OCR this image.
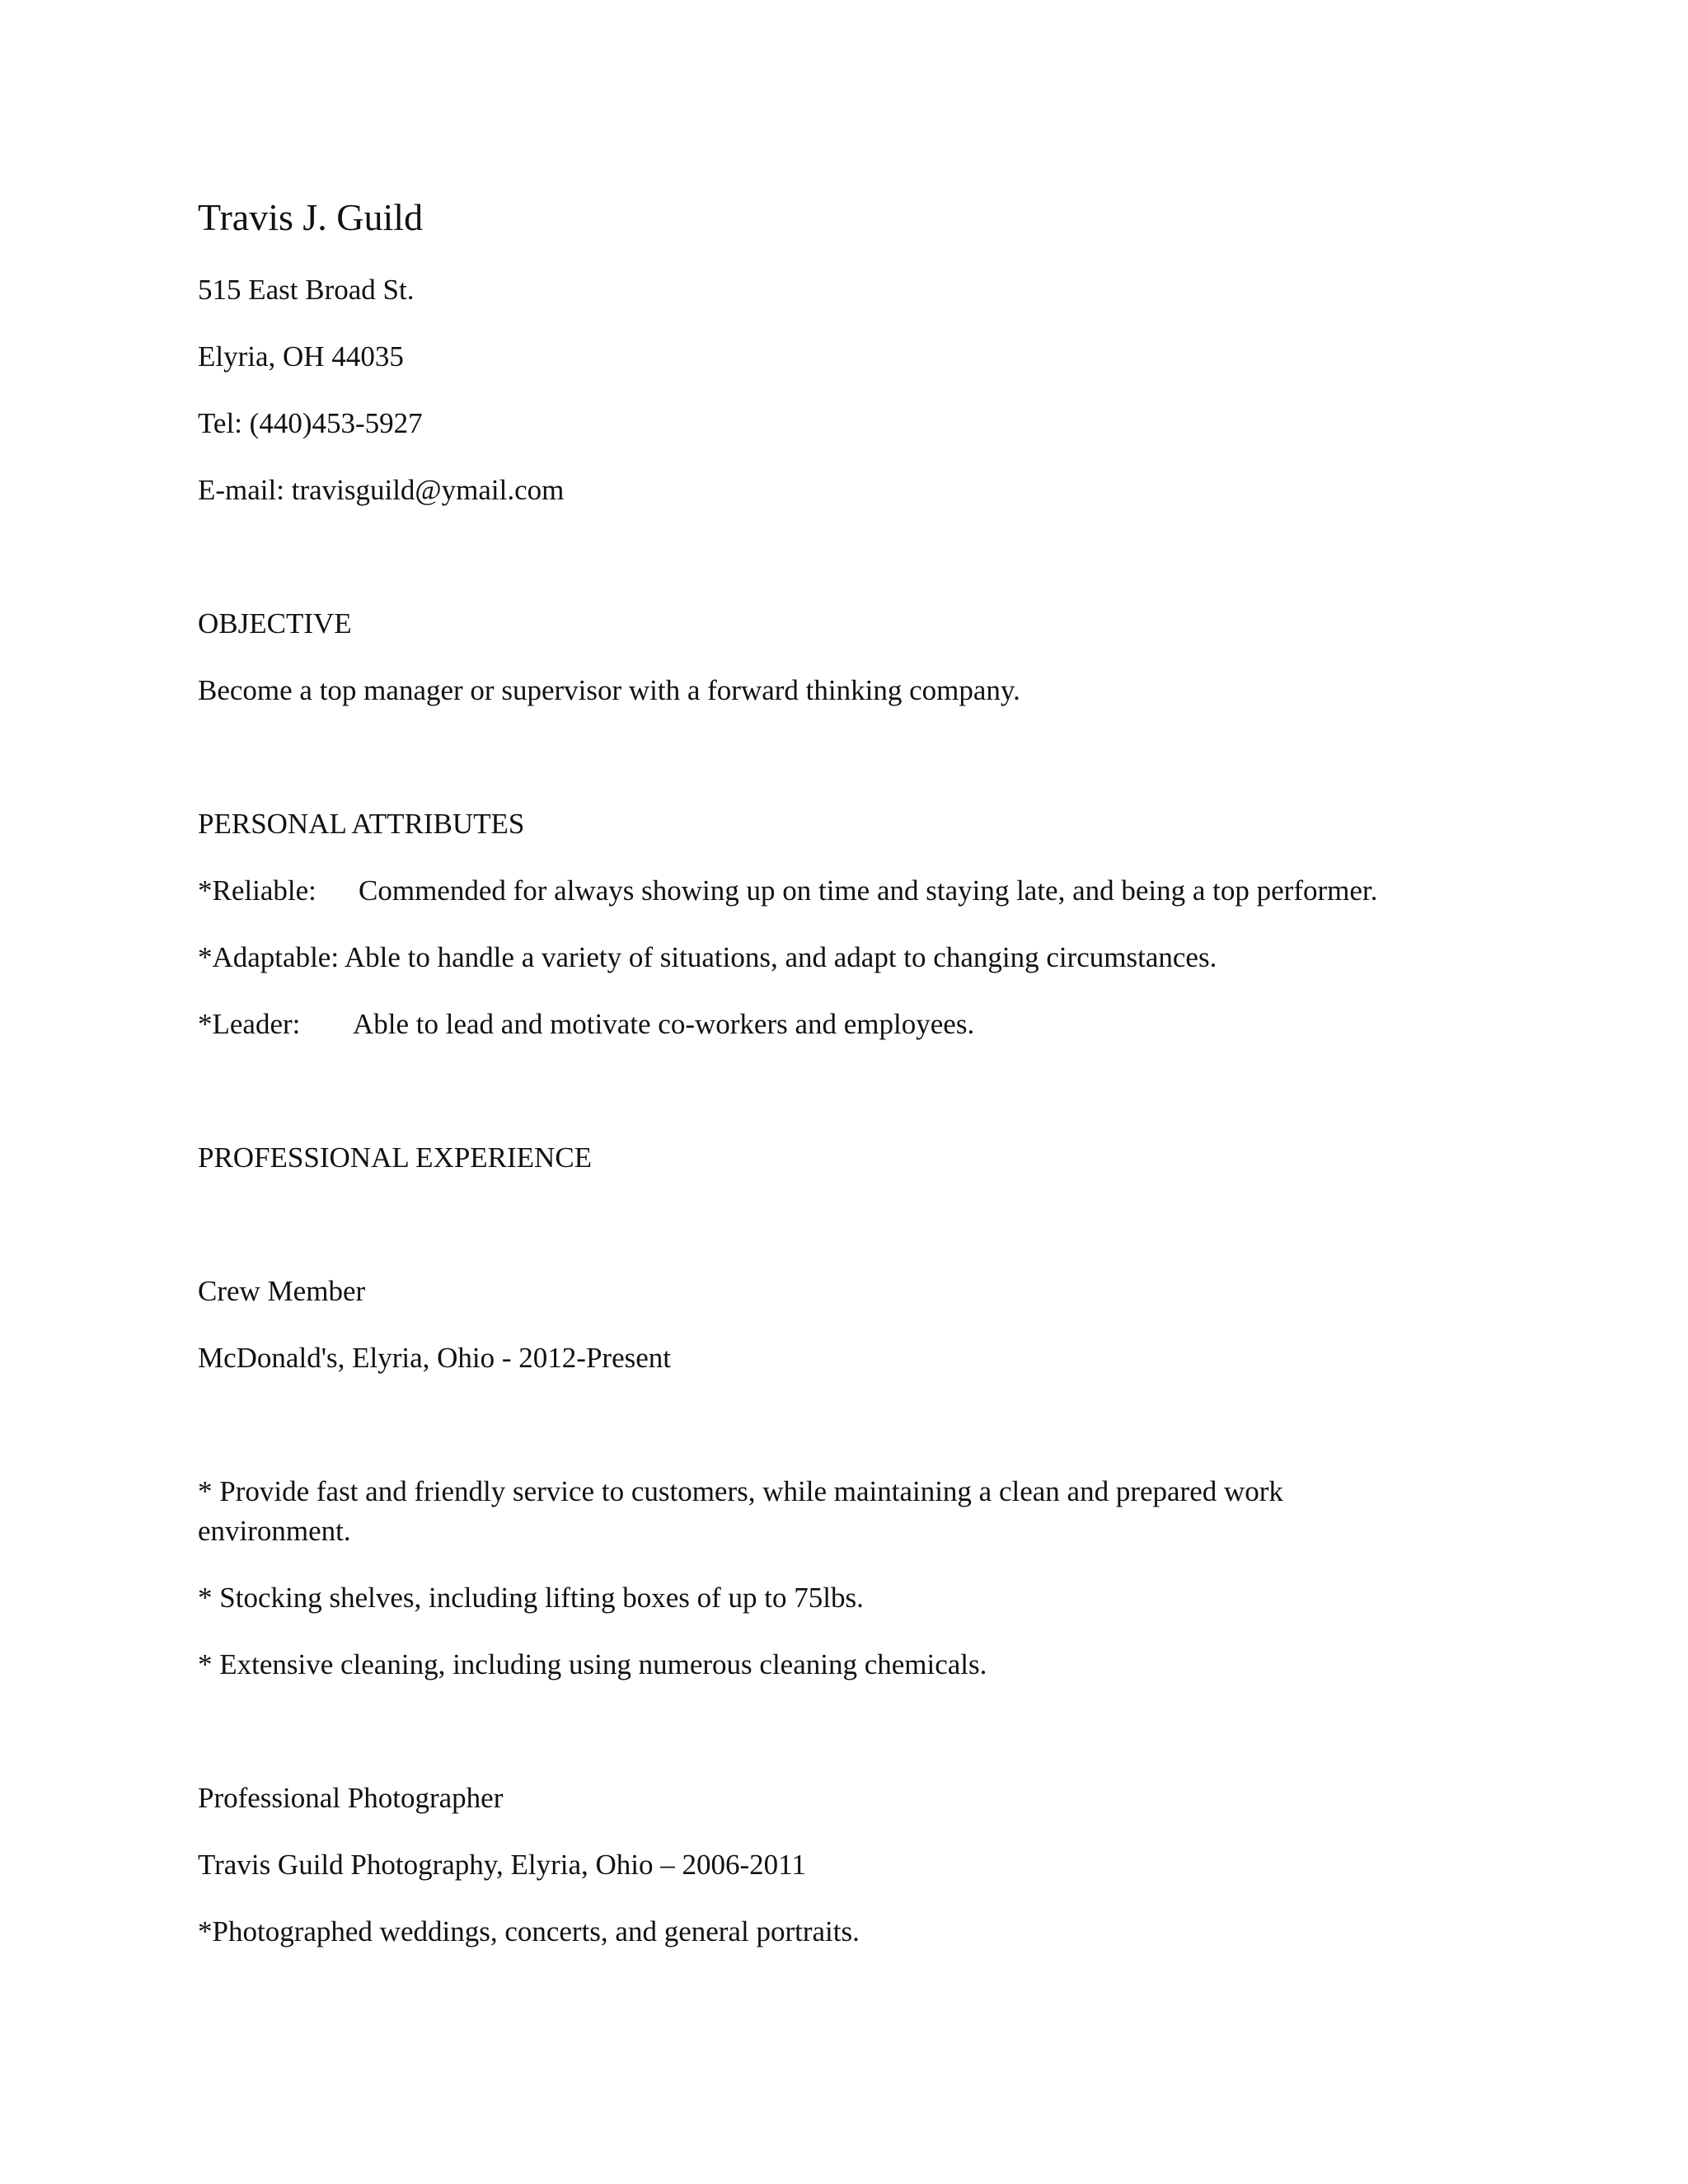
Travis J. Guild
515 East Broad St.
Elyria, OH 44035
Tel: (440)453-5927
E-mail: travisguild@ymail.com
OBJECTIVE
Become a top manager or supervisor with a forward thinking company.
PERSONAL ATTRIBUTES
*Reliable: Commended for always showing up on time and staying late, and being a top performer.
*Adaptable: Able to handle a variety of situations, and adapt to changing circumstances.
*Leader: Able to lead and motivate co-workers and employees.
PROFESSIONAL EXPERIENCE
Crew Member
McDonald's, Elyria, Ohio - 2012-Present
* Provide fast and friendly service to customers, while maintaining a clean and prepared work environment.
* Stocking shelves, including lifting boxes of up to 75lbs.
* Extensive cleaning, including using numerous cleaning chemicals.
Professional Photographer
Travis Guild Photography, Elyria, Ohio – 2006-2011
*Photographed weddings, concerts, and general portraits.
